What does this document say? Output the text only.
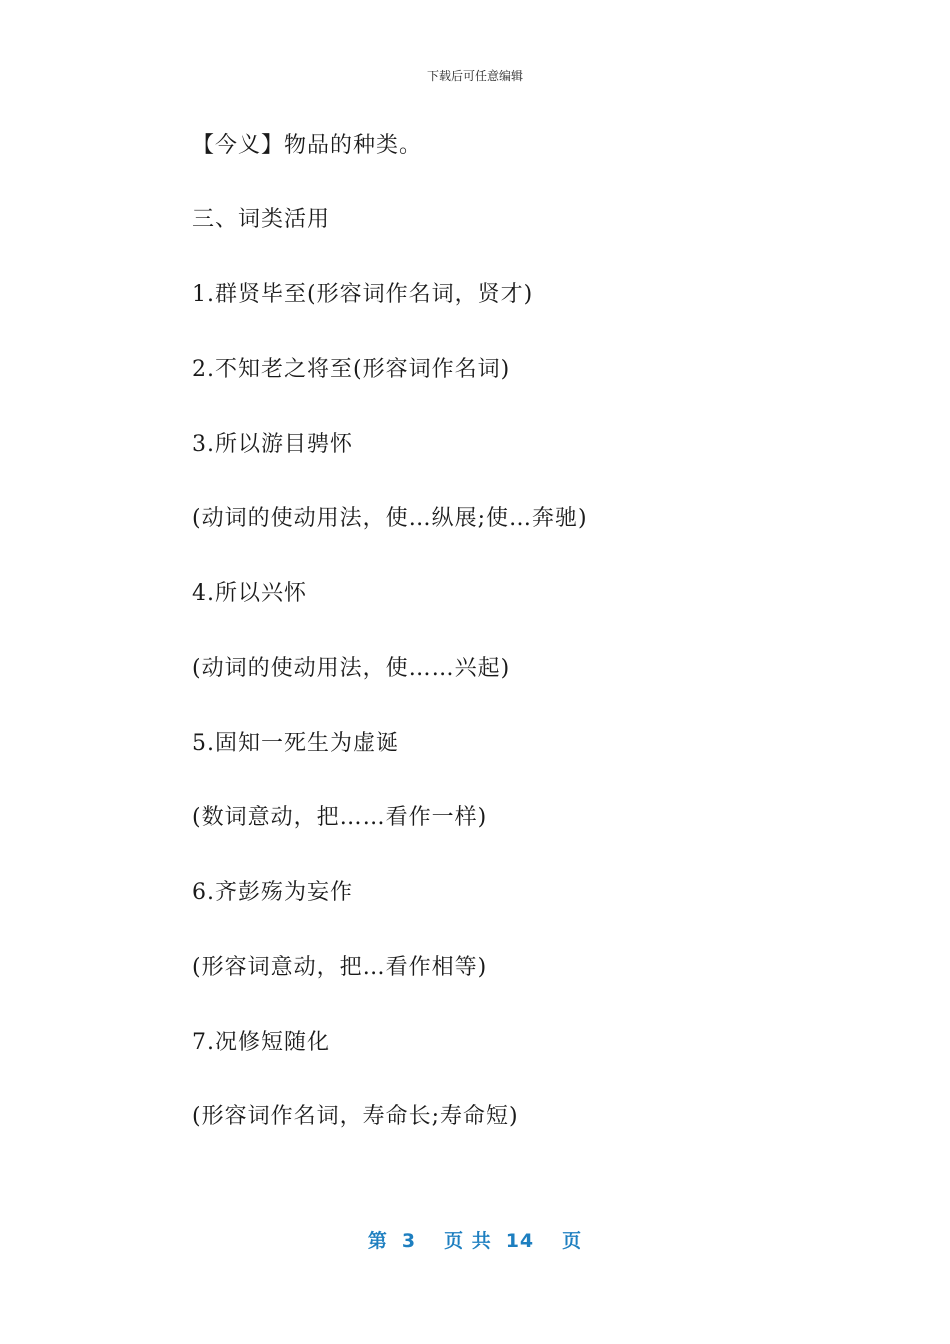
下载后可任意编辑
【今义】物品的种类。
三、词类活用
1.群贤毕至(形容词作名词，贤才)
2.不知老之将至(形容词作名词)
3.所以游目骋怀
(动词的使动用法，使…纵展;使…奔驰)
4.所以兴怀
(动词的使动用法，使……兴起)
5.固知一死生为虚诞
(数词意动，把……看作一样)
6.齐彭殇为妄作
(形容词意动，把…看作相等)
7.况修短随化
(形容词作名词，寿命长;寿命短)
第 3 页 共 14 页
